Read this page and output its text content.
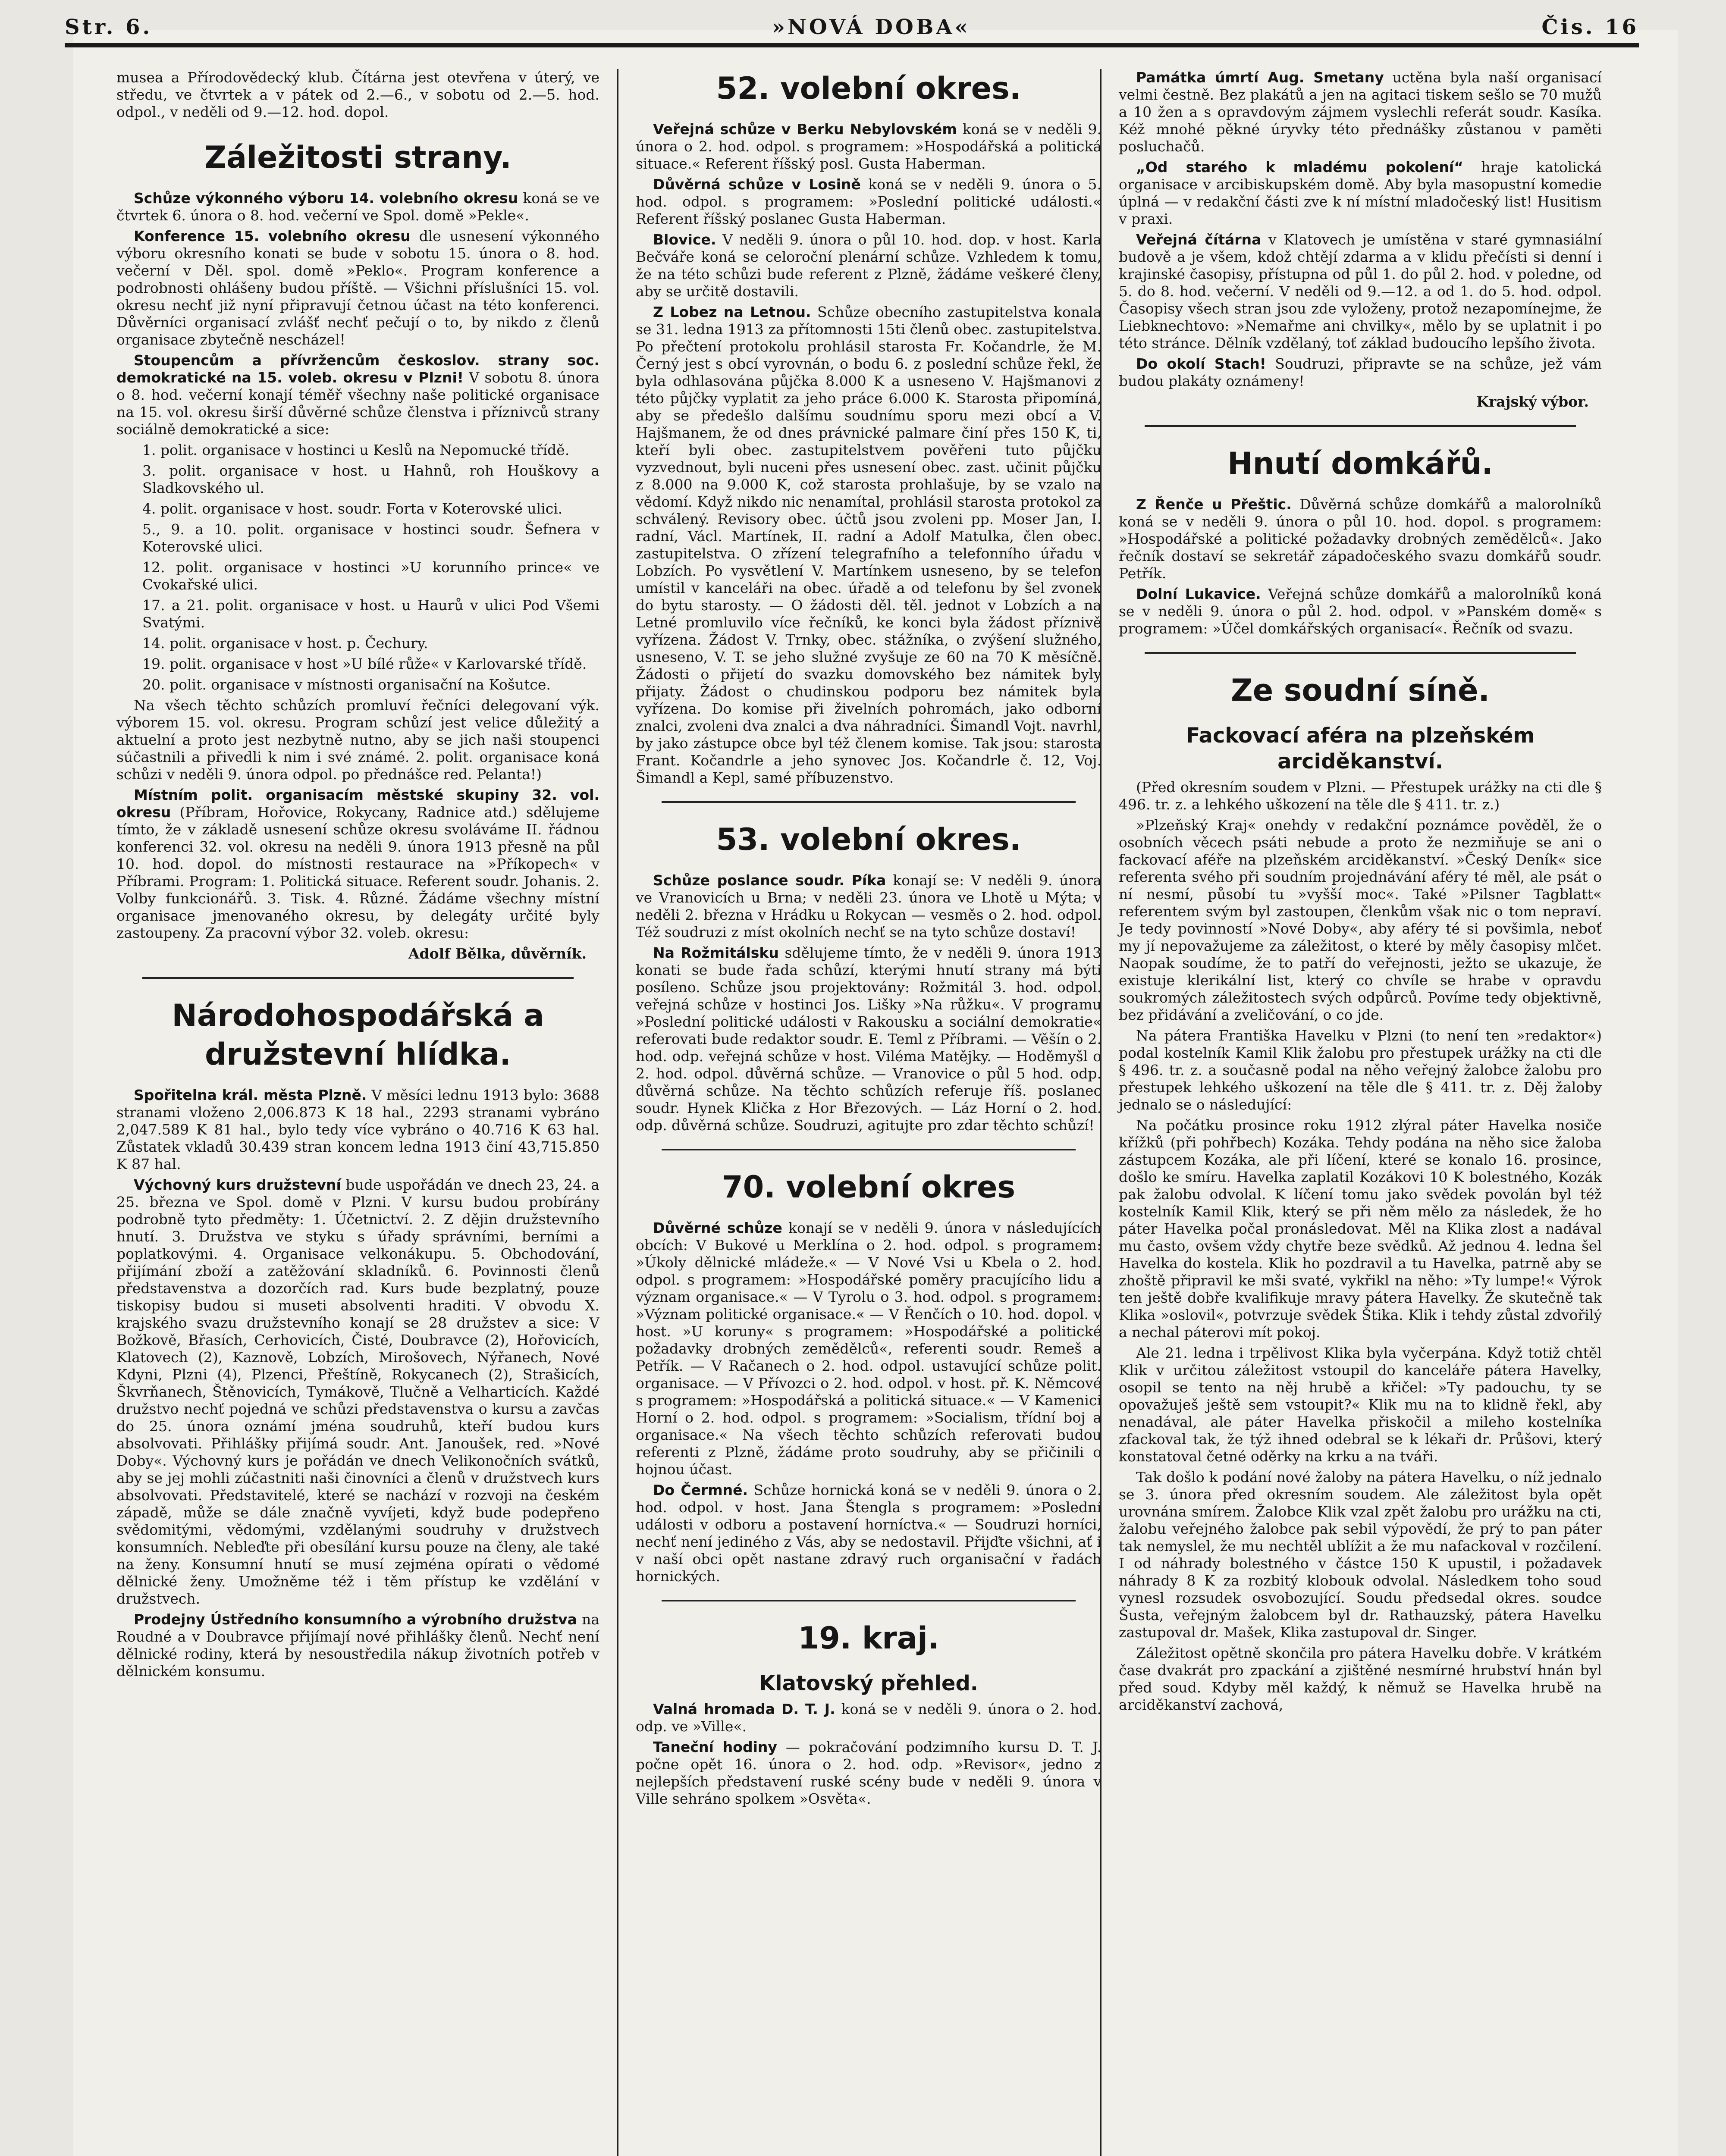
Str. 6.	»NOVÁ DOBA«	Čis. 16

musea a Přírodovědecký klub. Čítárna jest otevřena v úterý, ve středu, ve čtvrtek a v pátek od 2.—6., v sobotu od 2.—5. hod. odpol., v neděli od 9.—12. hod. dopol.

Záležitosti strany.

Schůze výkonného výboru 14. volebního okresu koná se ve čtvrtek 6. února o 8. hod. večerní ve Spol. domě »Pekle«.

Konference 15. volebního okresu dle usnesení výkonného výboru okresního konati se bude v sobotu 15. února o 8. hod. večerní v Děl. spol. domě »Peklo«. Program konference a podrobnosti ohlášeny budou příště. — Všichni příslušníci 15. vol. okresu nechť již nyní připravují četnou účast na této konferenci. Důvěrníci organisací zvlášť nechť pečují o to, by nikdo z členů organisace zbytečně nescházel!

Stoupencům a přívržencům českoslov. strany soc. demokratické na 15. voleb. okresu v Plzni! V sobotu 8. února o 8. hod. večerní konají téměř všechny naše politické organisace na 15. vol. okresu širší důvěrné schůze členstva i příznivců strany sociálně demokratické a sice:

1. polit. organisace v hostinci u Keslů na Nepomucké třídě.

3. polit. organisace v host. u Hahnů, roh Houškovy a Sladkovského ul.

4. polit. organisace v host. soudr. Forta v Koterovské ulici.

5., 9. a 10. polit. organisace v hostinci soudr. Šefnera v Koterovské ulici.

12. polit. organisace v hostinci »U korunního prince« ve Cvokařské ulici.

17. a 21. polit. organisace v host. u Haurů v ulici Pod Všemi Svatými.

14. polit. organisace v host. p. Čechury.

19. polit. organisace v host »U bílé růže« v Karlovarské třídě.

20. polit. organisace v místnosti organisační na Košutce.

Na všech těchto schůzích promluví řečníci delegovaní výk. výborem 15. vol. okresu. Program schůzí jest velice důležitý a aktuelní a proto jest nezbytně nutno, aby se jich naši stoupenci súčastnili a přivedli k nim i své známé. 2. polit. organisace koná schůzi v neděli 9. února odpol. po přednášce red. Pelanta!)

Místním polit. organisacím městské skupiny 32. vol. okresu (Příbram, Hořovice, Rokycany, Radnice atd.) sdělujeme tímto, že v základě usnesení schůze okresu svoláváme II. řádnou konferenci 32. vol. okresu na neděli 9. února 1913 přesně na půl 10. hod. dopol. do místnosti restaurace na »Příkopech« v Příbrami. Program: 1. Politická situace. Referent soudr. Johanis. 2. Volby funkcionářů. 3. Tisk. 4. Různé. Žádáme všechny místní organisace jmenovaného okresu, by delegáty určité byly zastoupeny. Za pracovní výbor 32. voleb. okresu:

Adolf Bělka, důvěrník.

Národohospodářská a družstevní hlídka.

Spořitelna král. města Plzně. V měsíci lednu 1913 bylo: 3688 stranami vloženo 2,006.873 K 18 hal., 2293 stranami vybráno 2,047.589 K 81 hal., bylo tedy více vybráno o 40.716 K 63 hal. Zůstatek vkladů 30.439 stran koncem ledna 1913 činí 43,715.850 K 87 hal.

Výchovný kurs družstevní bude uspořádán ve dnech 23, 24. a 25. března ve Spol. domě v Plzni. V kursu budou probírány podrobně tyto předměty: 1. Účetnictví. 2. Z dějin družstevního hnutí. 3. Družstva ve styku s úřady správními, berními a poplatkovými. 4. Organisace velkonákupu. 5. Obchodování, přijímání zboží a zatěžování skladníků. 6. Povinnosti členů představenstva a dozorčích rad. Kurs bude bezplatný, pouze tiskopisy budou si museti absolventi hraditi. V obvodu X. krajského svazu družstevního konají se 28 družstev a sice: V Božkově, Břasích, Cerhovicích, Čisté, Doubravce (2), Hořovicích, Klatovech (2), Kaznově, Lobzích, Mirošovech, Nýřanech, Nové Kdyni, Plzni (4), Plzenci, Přeštíně, Rokycanech (2), Strašicích, Škvrňanech, Štěnovicích, Tymákově, Tlučně a Velharticích. Každé družstvo nechť pojedná ve schůzi představenstva o kursu a zavčas do 25. února oznámí jména soudruhů, kteří budou kurs absolvovati. Přihlášky přijímá soudr. Ant. Janoušek, red. »Nové Doby«. Výchovný kurs je pořádán ve dnech Velikonočních svátků, aby se jej mohli zúčastniti naši činovníci a členů v družstvech kurs absolvovati. Představitelé, které se nachází v rozvoji na českém západě, může se dále značně vyvíjeti, když bude podepřeno svědomitými, vědomými, vzdělanými soudruhy v družstvech konsumních. Nebleďte při obesílání kursu pouze na členy, ale také na ženy. Konsumní hnutí se musí zejména opírati o vědomé dělnické ženy. Umožněme též i těm přístup ke vzdělání v družstvech.

Prodejny Ústředního konsumního a výrobního družstva na Roudné a v Doubravce přijímají nové přihlášky členů. Nechť není dělnické rodiny, která by nesoustředila nákup životních potřeb v dělnickém konsumu.

52. volební okres.

Veřejná schůze v Berku Nebylovském koná se v neděli 9. února o 2. hod. odpol. s programem: »Hospodářská a politická situace.« Referent říšský posl. Gusta Haberman.

Důvěrná schůze v Losině koná se v neděli 9. února o 5. hod. odpol. s programem: »Poslední politické události.« Referent říšský poslanec Gusta Haberman.

Blovice. V neděli 9. února o půl 10. hod. dop. v host. Karla Bečváře koná se celoroční plenární schůze. Vzhledem k tomu, že na této schůzi bude referent z Plzně, žádáme veškeré členy, aby se určitě dostavili.

Z Lobez na Letnou. Schůze obecního zastupitelstva konala se 31. ledna 1913 za přítomnosti 15ti členů obec. zastupitelstva. Po přečtení protokolu prohlásil starosta Fr. Kočandrle, že M. Černý jest s obcí vyrovnán, o bodu 6. z poslední schůze řekl, že byla odhlasována půjčka 8.000 K a usneseno V. Hajšmanovi z této půjčky vyplatit za jeho práce 6.000 K. Starosta připomíná, aby se předešlo dalšímu soudnímu sporu mezi obcí a V. Hajšmanem, že od dnes právnické palmare činí přes 150 K, ti, kteří byli obec. zastupitelstvem pověřeni tuto půjčku vyzvednout, byli nuceni přes usnesení obec. zast. učinit půjčku z 8.000 na 9.000 K, což starosta prohlašuje, by se vzalo na vědomí. Když nikdo nic nenamítal, prohlásil starosta protokol za schválený. Revisory obec. účtů jsou zvoleni pp. Moser Jan, I. radní, Václ. Martínek, II. radní a Adolf Matulka, člen obec. zastupitelstva. O zřízení telegrafního a telefonního úřadu v Lobzích. Po vysvětlení V. Martínkem usneseno, by se telefon umístil v kanceláři na obec. úřadě a od telefonu by šel zvonek do bytu starosty. — O žádosti děl. těl. jednot v Lobzích a na Letné promluvilo více řečníků, ke konci byla žádost příznivě vyřízena. Žádost V. Trnky, obec. stážníka, o zvýšení služného, usneseno, V. T. se jeho služné zvyšuje ze 60 na 70 K měsíčně. Žádosti o přijetí do svazku domovského bez námitek byly přijaty. Žádost o chudinskou podporu bez námitek byla vyřízena. Do komise při živelních pohromách, jako odborní znalci, zvoleni dva znalci a dva náhradníci. Šimandl Vojt. navrhl, by jako zástupce obce byl též členem komise. Tak jsou: starosta Frant. Kočandrle a jeho synovec Jos. Kočandrle č. 12, Voj. Šimandl a Kepl, samé příbuzenstvo.

53. volební okres.

Schůze poslance soudr. Píka konají se: V neděli 9. února ve Vranovicích u Brna; v neděli 23. února ve Lhotě u Mýta; v neděli 2. března v Hrádku u Rokycan — vesměs o 2. hod. odpol. Též soudruzi z míst okolních nechť se na tyto schůze dostaví!

Na Rožmitálsku sdělujeme tímto, že v neděli 9. února 1913 konati se bude řada schůzí, kterými hnutí strany má býti posíleno. Schůze jsou projektovány: Rožmitál 3. hod. odpol. veřejná schůze v hostinci Jos. Lišky »Na růžku«. V programu »Poslední politické události v Rakousku a sociální demokratie« referovati bude redaktor soudr. E. Teml z Příbrami. — Věšín o 2. hod. odp. veřejná schůze v host. Viléma Matějky. — Hoděmyšl o 2. hod. odpol. důvěrná schůze. — Vranovice o půl 5 hod. odp. důvěrná schůze. Na těchto schůzích referuje říš. poslanec soudr. Hynek Klička z Hor Březových. — Láz Horní o 2. hod. odp. důvěrná schůze. Soudruzi, agitujte pro zdar těchto schůzí!

70. volební okres

Důvěrné schůze konají se v neděli 9. února v následujících obcích: V Bukové u Merklína o 2. hod. odpol. s programem: »Úkoly dělnické mládeže.« — V Nové Vsi u Kbela o 2. hod. odpol. s programem: »Hospodářské poměry pracujícího lidu a význam organisace.« — V Tyrolu o 3. hod. odpol. s programem: »Význam politické organisace.« — V Řenčích o 10. hod. dopol. v host. »U koruny« s programem: »Hospodářské a politické požadavky drobných zemědělců«, referenti soudr. Remeš a Petřík. — V Račanech o 2. hod. odpol. ustavující schůze polit. organisace. — V Přívozci o 2. hod. odpol. v host. př. K. Němcové s programem: »Hospodářská a politická situace.« — V Kamenici Horní o 2. hod. odpol. s programem: »Socialism, třídní boj a organisace.« Na všech těchto schůzích referovati budou referenti z Plzně, žádáme proto soudruhy, aby se přičinili o hojnou účast.

Do Čermné. Schůze hornická koná se v neděli 9. února o 2. hod. odpol. v host. Jana Štengla s programem: »Poslední události v odboru a postavení horníctva.« — Soudruzi horníci, nechť není jediného z Vás, aby se nedostavil. Přijďte všichni, ať i v naší obci opět nastane zdravý ruch organisační v řadách hornických.

19. kraj.
Klatovský přehled.

Valná hromada D. T. J. koná se v neděli 9. února o 2. hod. odp. ve »Ville«.

Taneční hodiny — pokračování podzimního kursu D. T. J. počne opět 16. února o 2. hod. odp. »Revisor«, jedno z nejlepších představení ruské scény bude v neděli 9. února v Ville sehráno spolkem »Osvěta«.

Památka úmrtí Aug. Smetany uctěna byla naší organisací velmi čestně. Bez plakátů a jen na agitaci tiskem sešlo se 70 mužů a 10 žen a s opravdovým zájmem vyslechli referát soudr. Kasíka. Kéž mnohé pěkné úryvky této přednášky zůstanou v paměti posluchačů.

„Od starého k mladému pokolení“ hraje katolická organisace v arcibiskupském domě. Aby byla masopustní komedie úplná — v redakční části zve k ní místní mladočeský list! Husitism v praxi.

Veřejná čítárna v Klatovech je umístěna v staré gymnasiální budově a je všem, kdož chtějí zdarma a v klidu přečísti si denní i krajinské časopisy, přístupna od půl 1. do půl 2. hod. v poledne, od 5. do 8. hod. večerní. V neděli od 9.—12. a od 1. do 5. hod. odpol. Časopisy všech stran jsou zde vyloženy, protož nezapomínejme, že Liebknechtovo: »Nemařme ani chvilky«, mělo by se uplatnit i po této stránce. Dělník vzdělaný, toť základ budoucího lepšího života.

Do okolí Stach! Soudruzi, připravte se na schůze, jež vám budou plakáty oznámeny!

Krajský výbor.

Hnutí domkářů.

Z Řenče u Přeštic. Důvěrná schůze domkářů a malorolníků koná se v neděli 9. února o půl 10. hod. dopol. s programem: »Hospodářské a politické požadavky drobných zemědělců«. Jako řečník dostaví se sekretář západočeského svazu domkářů soudr. Petřík.

Dolní Lukavice. Veřejná schůze domkářů a malorolníků koná se v neděli 9. února o půl 2. hod. odpol. v »Panském domě« s programem: »Účel domkářských organisací«. Řečník od svazu.

Ze soudní síně.
Fackovací aféra na plzeňském arciděkanství.

(Před okresním soudem v Plzni. — Přestupek urážky na cti dle § 496. tr. z. a lehkého uškození na těle dle § 411. tr. z.)

»Plzeňský Kraj« onehdy v redakční poznámce pověděl, že o osobních věcech psáti nebude a proto že nezmiňuje se ani o fackovací aféře na plzeňském arciděkanství. »Český Deník« sice referenta svého při soudním projednávání aféry té měl, ale psát o ní nesmí, působí tu »vyšší moc«. Také »Pilsner Tagblatt« referentem svým byl zastoupen, členkům však nic o tom nepraví. Je tedy povinností »Nové Doby«, aby aféry té si povšimla, neboť my jí nepovažujeme za záležitost, o které by měly časopisy mlčet. Naopak soudíme, že to patří do veřejnosti, ježto se ukazuje, že existuje klerikální list, který co chvíle se hrabe v opravdu soukromých záležitostech svých odpůrců. Povíme tedy objektivně, bez přidávání a zveličování, o co jde.

Na pátera Františka Havelku v Plzni (to není ten »redaktor«) podal kostelník Kamil Klik žalobu pro přestupek urážky na cti dle § 496. tr. z. a současně podal na něho veřejný žalobce žalobu pro přestupek lehkého uškození na těle dle § 411. tr. z. Děj žaloby jednalo se o následující:

Na počátku prosince roku 1912 zlýral páter Havelka nosiče křížků (při pohřbech) Kozáka. Tehdy podána na něho sice žaloba zástupcem Kozáka, ale při líčení, které se konalo 16. prosince, došlo ke smíru. Havelka zaplatil Kozákovi 10 K bolestného, Kozák pak žalobu odvolal. K líčení tomu jako svědek povolán byl též kostelník Kamil Klik, který se při něm mělo za následek, že ho páter Havelka počal pronásledovat. Měl na Klika zlost a nadával mu často, ovšem vždy chytře beze svědků. Až jednou 4. ledna šel Havelka do kostela. Klik ho pozdravil a tu Havelka, patrně aby se zhoště připravil ke mši svaté, vykřikl na něho: »Ty lumpe!« Výrok ten ještě dobře kvalifikuje mravy pátera Havelky. Že skutečně tak Klika »oslovil«, potvrzuje svědek Štika. Klik i tehdy zůstal zdvořilý a nechal páterovi mít pokoj.

Ale 21. ledna i trpělivost Klika byla vyčerpána. Když totiž chtěl Klik v určitou záležitost vstoupil do kanceláře pátera Havelky, osopil se tento na něj hrubě a křičel: »Ty padouchu, ty se opovažuješ ještě sem vstoupit?« Klik mu na to klidně řekl, aby nenadával, ale páter Havelka přiskočil a mileho kostelníka zfackoval tak, že týž ihned odebral se k lékaři dr. Průšovi, který konstatoval četné oděrky na krku a na tváři.

Tak došlo k podání nové žaloby na pátera Havelku, o níž jednalo se 3. února před okresním soudem. Ale záležitost byla opět urovnána smírem. Žalobce Klik vzal zpět žalobu pro urážku na cti, žalobu veřejného žalobce pak sebil výpovědí, že prý to pan páter tak nemyslel, že mu nechtěl ublížit a že mu nafackoval v rozčilení. I od náhrady bolestného v částce 150 K upustil, i požadavek náhrady 8 K za rozbitý klobouk odvolal. Následkem toho soud vynesl rozsudek osvobozující. Soudu předsedal okres. soudce Šusta, veřejným žalobcem byl dr. Rathauzský, pátera Havelku zastupoval dr. Mašek, Klika zastupoval dr. Singer.

Záležitost opětně skončila pro pátera Havelku dobře. V krátkém čase dvakrát pro zpackání a zjištěné nesmírné hrubství hnán byl před soud. Kdyby měl každý, k němuž se Havelka hrubě na arciděkanství zachová,
